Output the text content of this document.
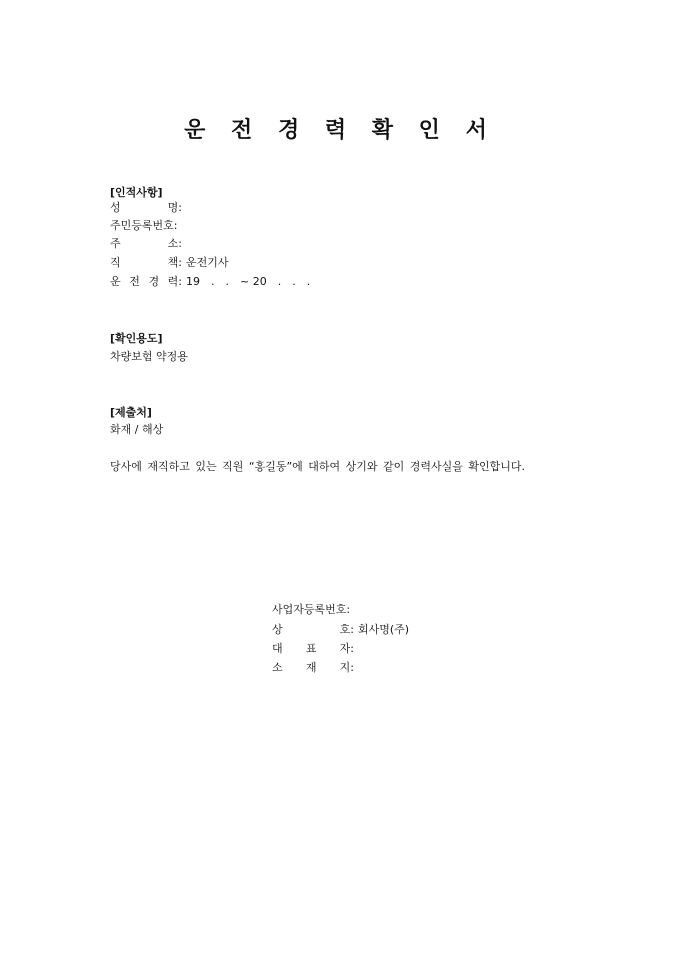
운 전 경 력 확 인 서
[인적사항]
성	명:
주민등록번호:
주	소:
직	책: 운전기사
운 전 경 력: 19　.　.　~ 20　.　.　.
[확인용도]
차량보험 약정용
[제출처]
화재 / 해상
당사에 재직하고 있는 직원 “홍길동”에 대하여 상기와 같이 경력사실을 확인합니다.
사업자등록번호:
상	호: 회사명(주)
대 표 자:
소 재 지:
